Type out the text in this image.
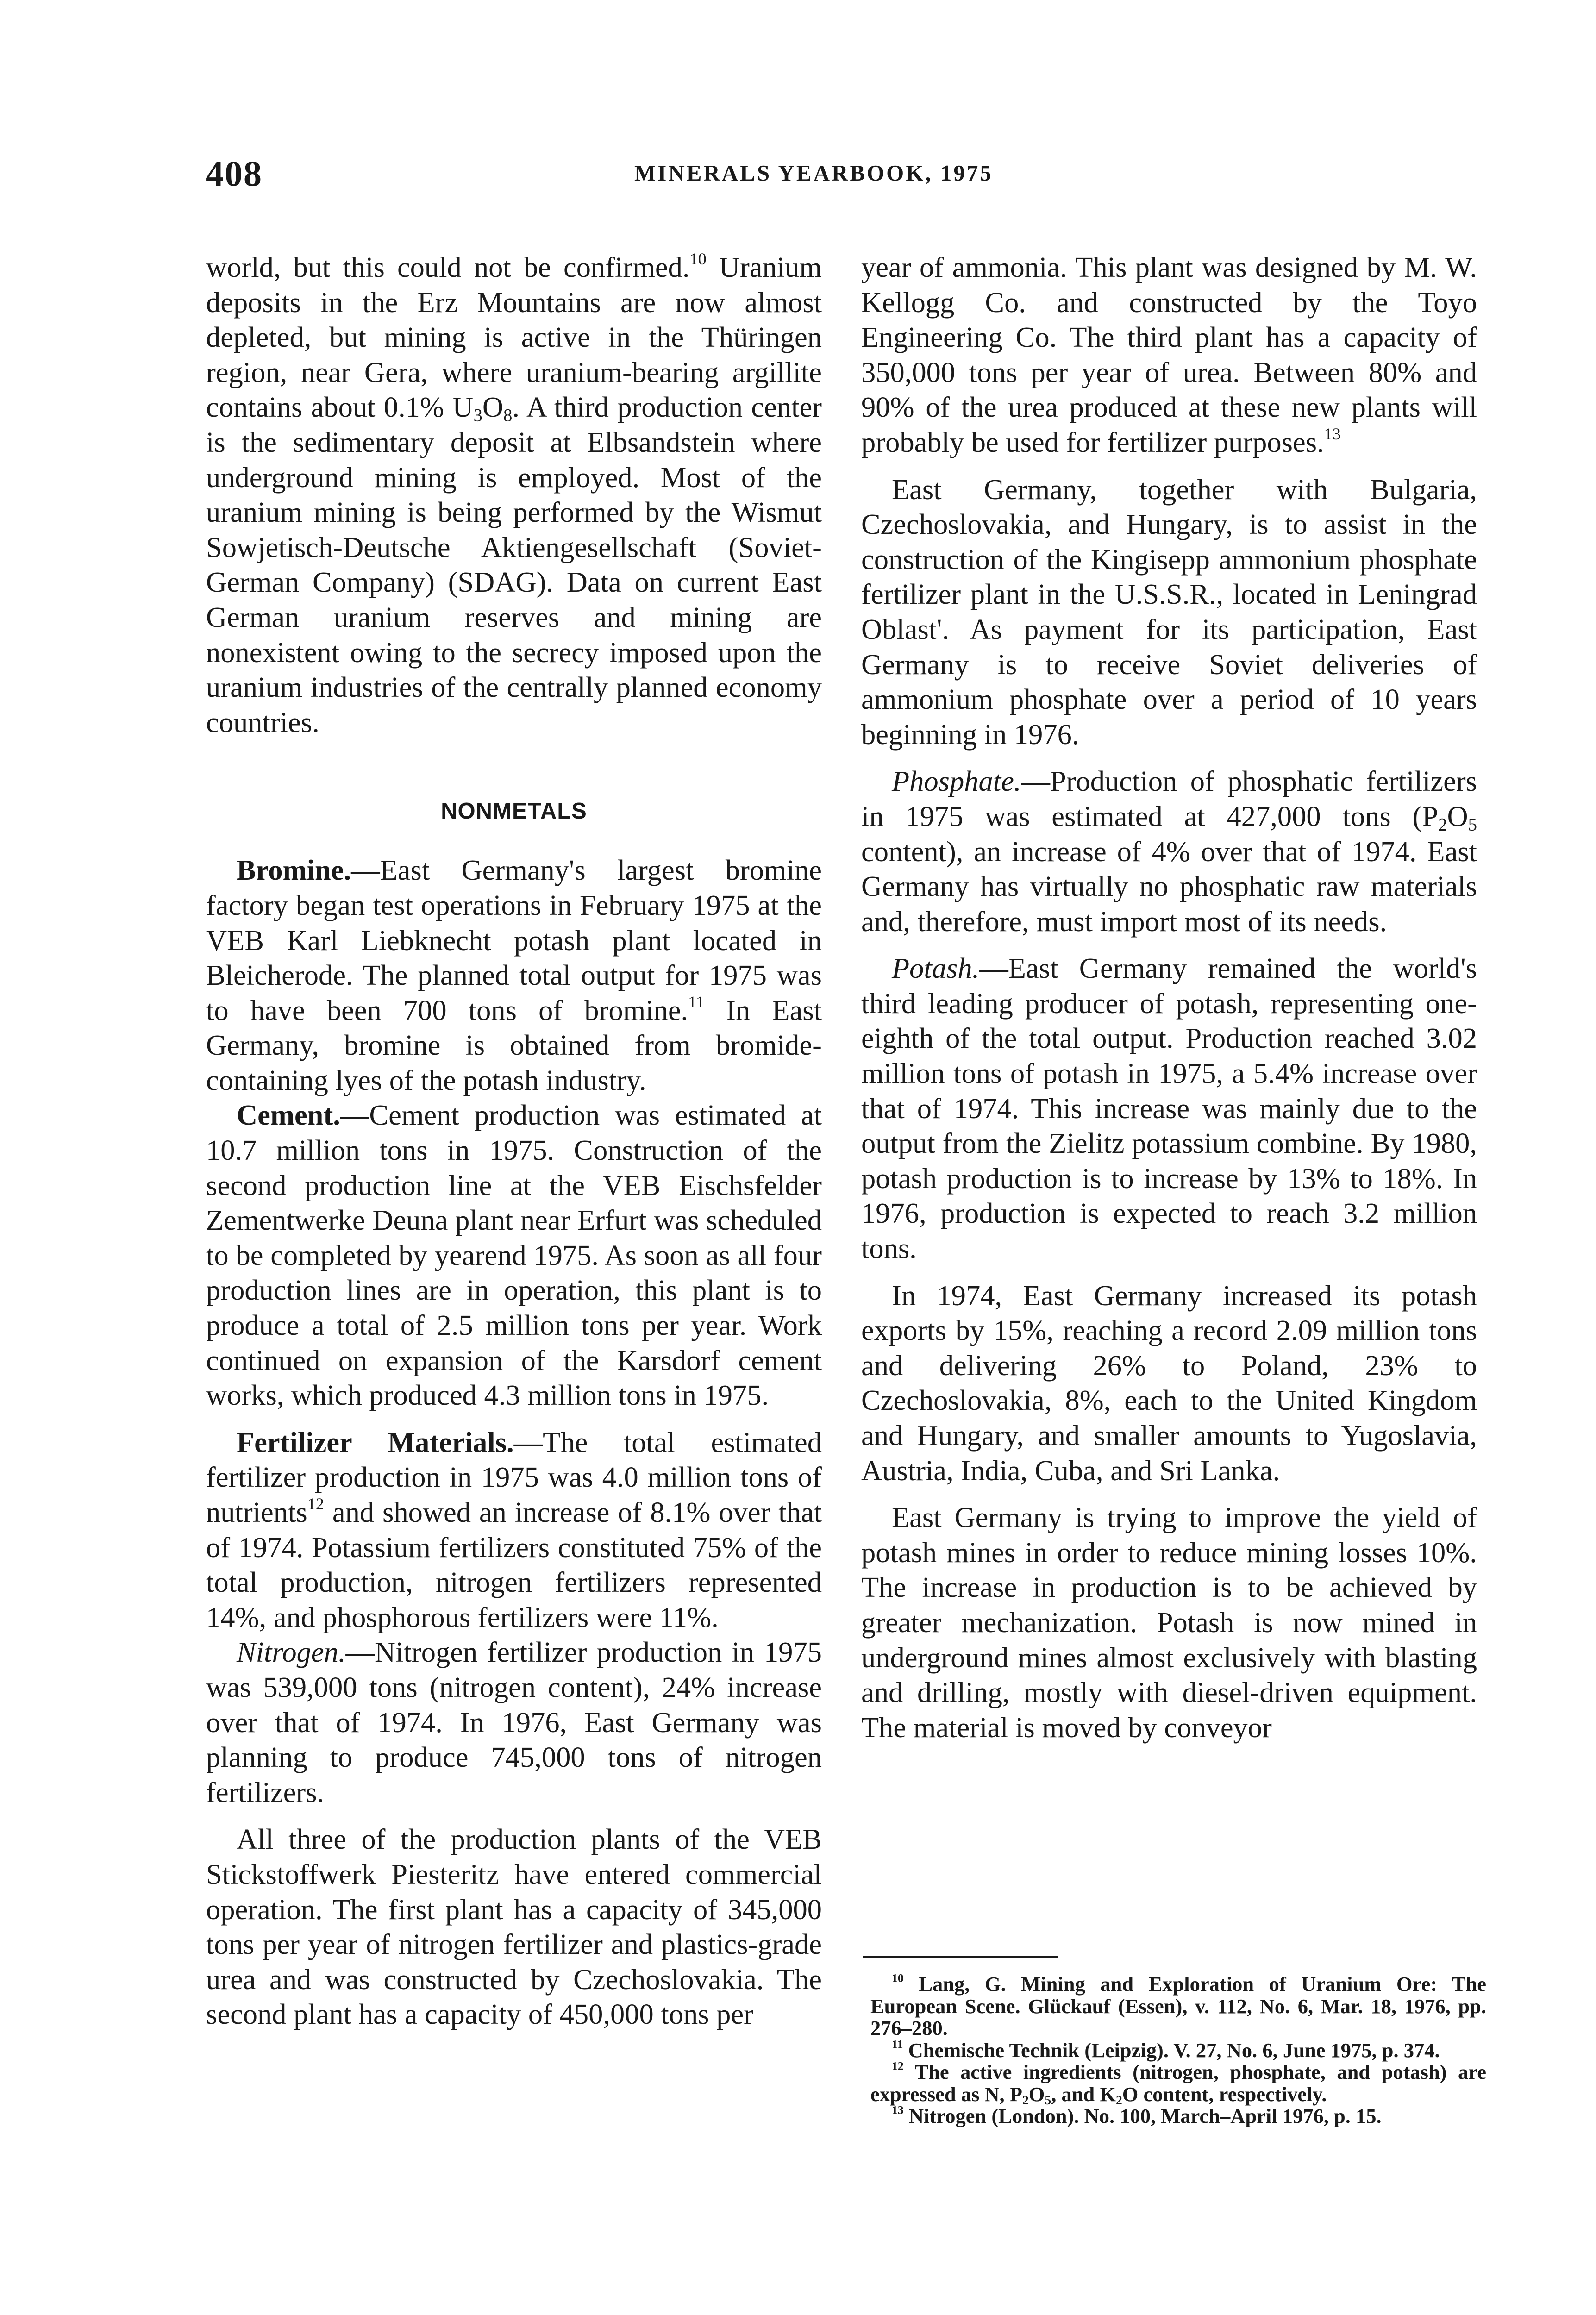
408	MINERALS YEARBOOK, 1975

world, but this could not be confirmed.$^{10}$ Uranium deposits in the Erz Mountains are now almost depleted, but mining is active in the Thüringen region, near Gera, where uranium-bearing argillite contains about 0.1% $U_3O_8$. A third production center is the sedimentary deposit at Elbsandstein where underground mining is employed. Most of the uranium mining is being performed by the Wismut Sowjetisch-Deutsche Aktiengesellschaft (Soviet-German Company) (SDAG). Data on current East German uranium reserves and mining are nonexistent owing to the secrecy imposed upon the uranium industries of the centrally planned economy countries.

NONMETALS

Bromine.—East Germany's largest bromine factory began test operations in February 1975 at the VEB Karl Liebknecht potash plant located in Bleicherode. The planned total output for 1975 was to have been 700 tons of bromine.$^{11}$ In East Germany, bromine is obtained from bromide-containing lyes of the potash industry.

Cement.—Cement production was estimated at 10.7 million tons in 1975. Construction of the second production line at the VEB Eischsfelder Zementwerke Deuna plant near Erfurt was scheduled to be completed by yearend 1975. As soon as all four production lines are in operation, this plant is to produce a total of 2.5 million tons per year. Work continued on expansion of the Karsdorf cement works, which produced 4.3 million tons in 1975.

Fertilizer Materials.—The total estimated fertilizer production in 1975 was 4.0 million tons of nutrients$^{12}$ and showed an increase of 8.1% over that of 1974. Potassium fertilizers constituted 75% of the total production, nitrogen fertilizers represented 14%, and phosphorous fertilizers were 11%.

Nitrogen.—Nitrogen fertilizer production in 1975 was 539,000 tons (nitrogen content), 24% increase over that of 1974. In 1976, East Germany was planning to produce 745,000 tons of nitrogen fertilizers.

All three of the production plants of the VEB Stickstoffwerk Piesteritz have entered commercial operation. The first plant has a capacity of 345,000 tons per year of nitrogen fertilizer and plastics-grade urea and was constructed by Czechoslovakia. The second plant has a capacity of 450,000 tons per

year of ammonia. This plant was designed by M. W. Kellogg Co. and constructed by the Toyo Engineering Co. The third plant has a capacity of 350,000 tons per year of urea. Between 80% and 90% of the urea produced at these new plants will probably be used for fertilizer purposes.$^{13}$

East Germany, together with Bulgaria, Czechoslovakia, and Hungary, is to assist in the construction of the Kingisepp ammonium phosphate fertilizer plant in the U.S.S.R., located in Leningrad Oblast'. As payment for its participation, East Germany is to receive Soviet deliveries of ammonium phosphate over a period of 10 years beginning in 1976.

Phosphate.—Production of phosphatic fertilizers in 1975 was estimated at 427,000 tons ($P_2O_5$ content), an increase of 4% over that of 1974. East Germany has virtually no phosphatic raw materials and, therefore, must import most of its needs.

Potash.—East Germany remained the world's third leading producer of potash, representing one-eighth of the total output. Production reached 3.02 million tons of potash in 1975, a 5.4% increase over that of 1974. This increase was mainly due to the output from the Zielitz potassium combine. By 1980, potash production is to increase by 13% to 18%. In 1976, production is expected to reach 3.2 million tons.

In 1974, East Germany increased its potash exports by 15%, reaching a record 2.09 million tons and delivering 26% to Poland, 23% to Czechoslovakia, 8%, each to the United Kingdom and Hungary, and smaller amounts to Yugoslavia, Austria, India, Cuba, and Sri Lanka.

East Germany is trying to improve the yield of potash mines in order to reduce mining losses 10%. The increase in production is to be achieved by greater mechanization. Potash is now mined in underground mines almost exclusively with blasting and drilling, mostly with diesel-driven equipment. The material is moved by conveyor

$^{10}$ Lang, G. Mining and Exploration of Uranium Ore: The European Scene. Glückauf (Essen), v. 112, No. 6, Mar. 18, 1976, pp. 276–280.

$^{11}$ Chemische Technik (Leipzig). V. 27, No. 6, June 1975, p. 374.

$^{12}$ The active ingredients (nitrogen, phosphate, and potash) are expressed as N, $P_2O_5$, and $K_2O$ content, respectively.

$^{13}$ Nitrogen (London). No. 100, March–April 1976, p. 15.
